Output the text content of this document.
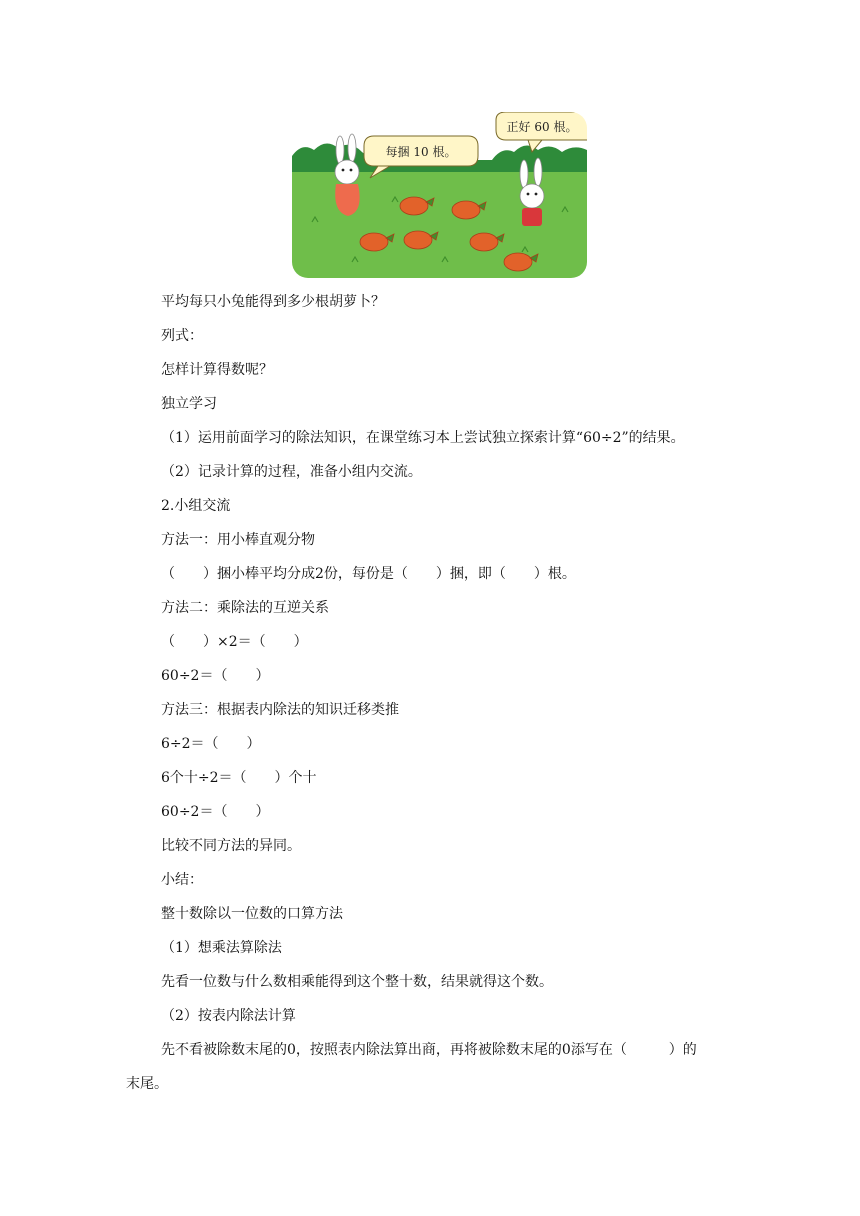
每捆 10 根。
正好 60 根。
平均每只小兔能得到多少根胡萝卜？
列式：
怎样计算得数呢？
独立学习
（1）运用前面学习的除法知识，在课堂练习本上尝试独立探索计算“60÷2”的结果。
（2）记录计算的过程，准备小组内交流。
2.小组交流
方法一：用小棒直观分物
（　　）捆小棒平均分成2份，每份是（　　）捆，即（　　）根。
方法二：乘除法的互逆关系
（　　）×2＝（　　）
60÷2＝（　　）
方法三：根据表内除法的知识迁移类推
6÷2＝（　　）
6个十÷2＝（　　）个十
60÷2＝（　　）
比较不同方法的异同。
小结：
整十数除以一位数的口算方法
（1）想乘法算除法
先看一位数与什么数相乘能得到这个整十数，结果就得这个数。
（2）按表内除法计算
先不看被除数末尾的0，按照表内除法算出商，再将被除数末尾的0添写在（　　　）的
末尾。
